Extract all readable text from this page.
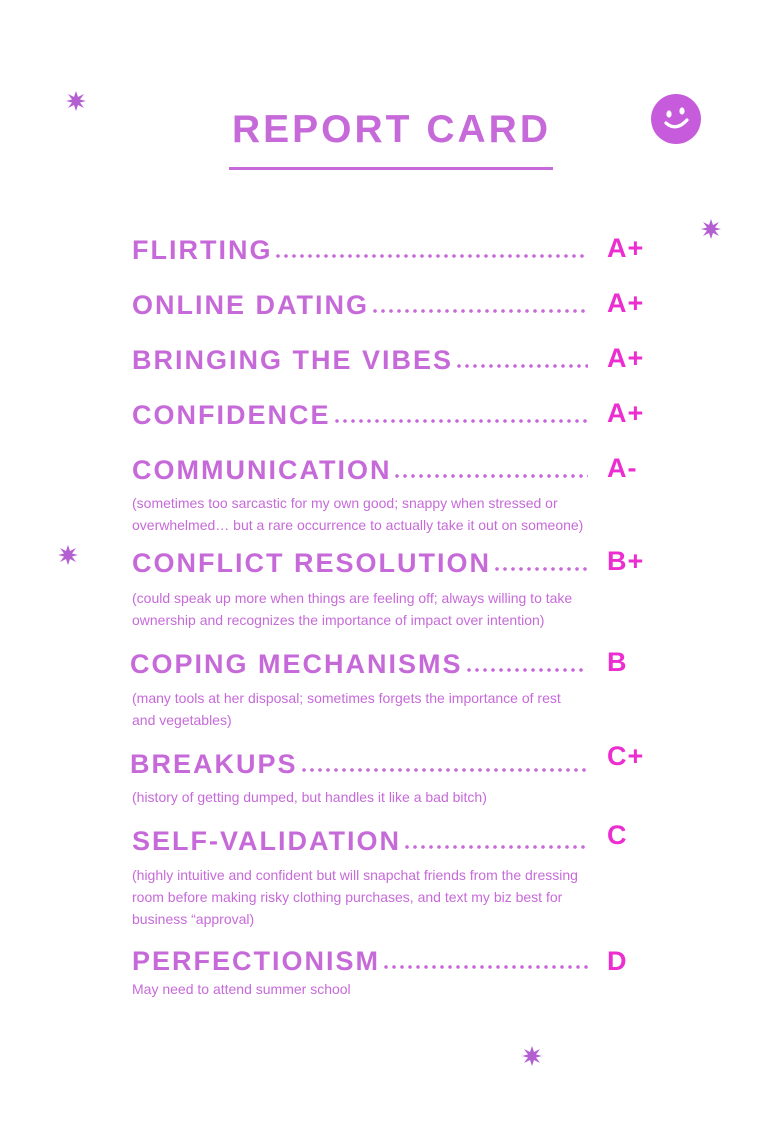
REPORT CARD
FLIRTING	A+
ONLINE DATING	A+
BRINGING THE VIBES	A+
CONFIDENCE	A+
COMMUNICATION	A-
(sometimes too sarcastic for my own good; snappy when stressed or overwhelmed… but a rare occurrence to actually take it out on someone)
CONFLICT RESOLUTION	B+
(could speak up more when things are feeling off; always willing to take ownership and recognizes the importance of impact over intention)
COPING MECHANISMS	B
(many tools at her disposal; sometimes forgets the importance of rest and vegetables)
BREAKUPS	C+
(history of getting dumped, but handles it like a bad bitch)
SELF-VALIDATION	C
(highly intuitive and confident but will snapchat friends from the dressing room before making risky clothing purchases, and text my biz best for business “approval)
PERFECTIONISM	D
May need to attend summer school
